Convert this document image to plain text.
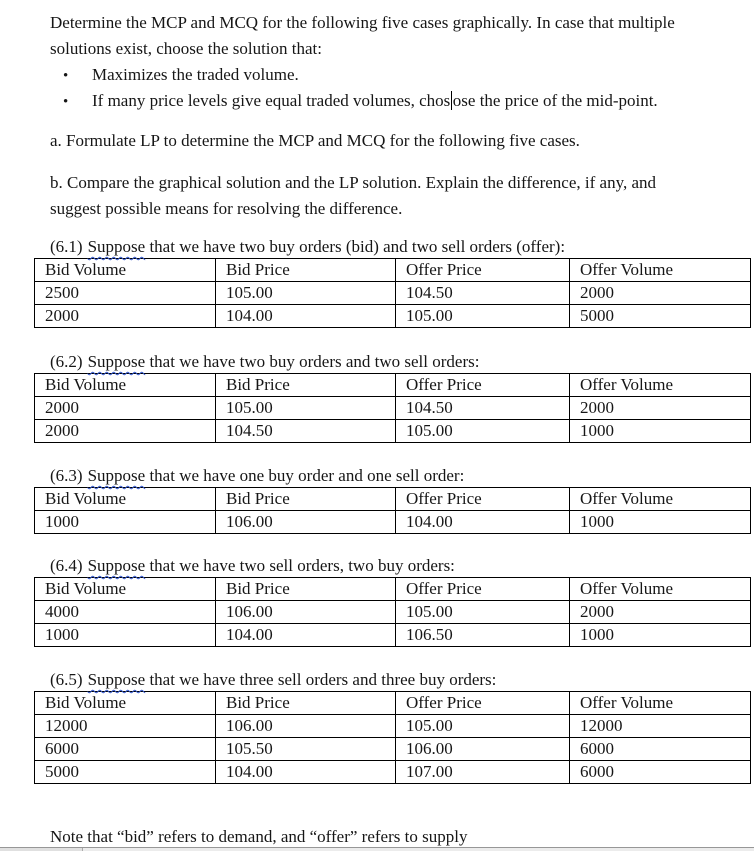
Determine the MCP and MCQ for the following five cases graphically. In case that multiple
solutions exist, choose the solution that:
• Maximizes the traded volume.
• If many price levels give equal traded volumes, chos ose the price of the mid-point.
a. Formulate LP to determine the MCP and MCQ for the following five cases.
b. Compare the graphical solution and the LP solution. Explain the difference, if any, and
suggest possible means for resolving the difference.
(6.1) Suppose that we have two buy orders (bid) and two sell orders (offer):
Bid Volume	Bid Price	Offer Price	Offer Volume
2500	105.00	104.50	2000
2000	104.00	105.00	5000
(6.2) Suppose that we have two buy orders and two sell orders:
Bid Volume	Bid Price	Offer Price	Offer Volume
2000	105.00	104.50	2000
2000	104.50	105.00	1000
(6.3) Suppose that we have one buy order and one sell order:
Bid Volume	Bid Price	Offer Price	Offer Volume
1000	106.00	104.00	1000
(6.4) Suppose that we have two sell orders, two buy orders:
Bid Volume	Bid Price	Offer Price	Offer Volume
4000	106.00	105.00	2000
1000	104.00	106.50	1000
(6.5) Suppose that we have three sell orders and three buy orders:
Bid Volume	Bid Price	Offer Price	Offer Volume
12000	106.00	105.00	12000
6000	105.50	106.00	6000
5000	104.00	107.00	6000
Note that “bid” refers to demand, and “offer” refers to supply
